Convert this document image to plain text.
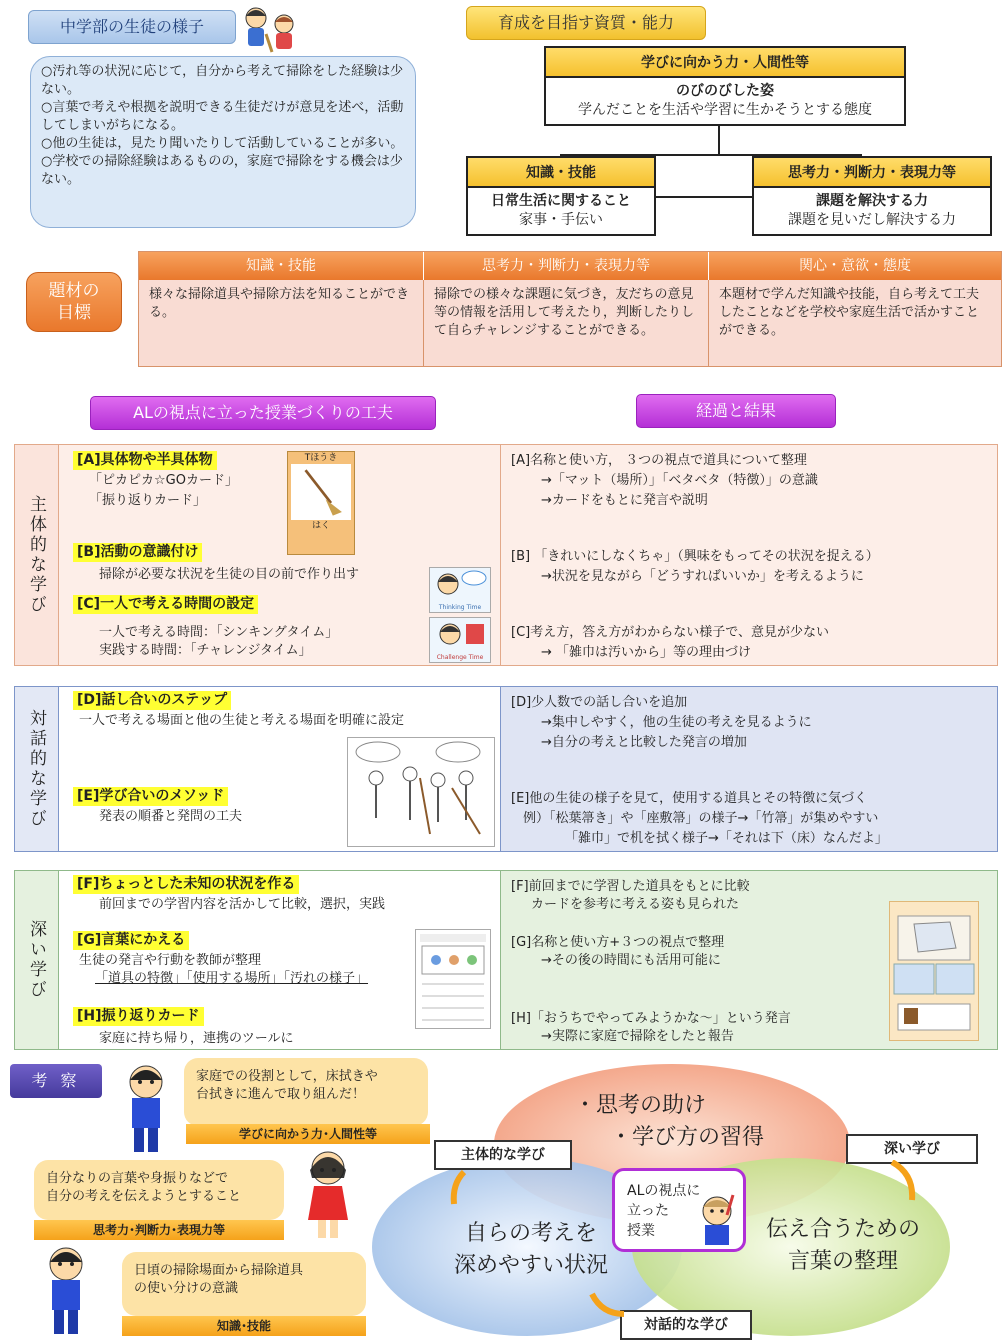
中学部の生徒の様子

○汚れ等の状況に応じて，自分から考えて掃除をした経験は少ない。

○言葉で考えや根拠を説明できる生徒だけが意見を述べ，活動してしまいがちになる。

○他の生徒は，見たり聞いたりして活動していることが多い。

○学校での掃除経験はあるものの，家庭で掃除をする機会は少ない。

育成を目指す資質・能力
学びに向かう力・人間性等
のびのびした姿
学んだことを生活や学習に生かそうとする態度
知識・技能
日常生活に関すること
家事・手伝い
思考力・判断力・表現力等
課題を解決する力
課題を見いだし解決する力
題材の
目標
知識・技能	思考力・判断力・表現力等	関心・意欲・態度
様々な掃除道具や掃除方法を知ることができる。
掃除での様々な課題に気づき，友だちの意見等の情報を活用して考えたり，判断したりして自らチャレンジすることができる。
本題材で学んだ知識や技能，自ら考えて工夫したことなどを学校や家庭生活で活かすことができる。
ALの視点に立った授業づくりの工夫	経過と結果
主体的な学び
[A]具体物や半具体物
「ピカピカ☆GOカード」
「振り返りカード」
Tほうき
はく
[B]活動の意識付け
掃除が必要な状況を生徒の目の前で作り出す
Thinking Time
[C]一人で考える時間の設定
一人で考える時間：「シンキングタイム」
実践する時間：「チャレンジタイム」	Challenge Time
[A]名称と使い方， ３つの視点で道具について整理
→「マット（場所）」「ベタベタ（特徴）」の意識
→カードをもとに発言や説明
[B] 「きれいにしなくちゃ」（興味をもってその状況を捉える）
→状況を見ながら「どうすればいいか」を考えるように
[C]考え方，答え方がわからない様子で、意見が少ない
→ 「雑巾は汚いから」等の理由づけ
対話的な学び
[D]話し合いのステップ
一人で考える場面と他の生徒と考える場面を明確に設定
[E]学び合いのメソッド
発表の順番と発問の工夫
[D]少人数での話し合いを追加
→集中しやすく，他の生徒の考えを見るように
→自分の考えと比較した発言の増加
[E]他の生徒の様子を見て，使用する道具とその特徴に気づく
例）「松葉箒き」や「座敷箒」の様子→「竹箒」が集めやすい
「雑巾」で机を拭く様子→「それは下（床）なんだよ」
深い学び
[F]ちょっとした未知の状況を作る
前回までの学習内容を活かして比較，選択，実践
[G]言葉にかえる
生徒の発言や行動を教師が整理
「道具の特徴」「使用する場所」「汚れの様子」
[H]振り返りカード
家庭に持ち帰り，連携のツールに
[F]前回までに学習した道具をもとに比較
カードを参考に考える姿も見られた
[G]名称と使い方+３つの視点で整理
→その後の時間にも活用可能に
[H]「おうちでやってみようかな～」という発言
→実際に家庭で掃除をしたと報告
考 察	家庭での役割として，床拭きや
台拭きに進んで取り組んだ！
学びに向かう力･人間性等
自分なりの言葉や身振りなどで
自分の考えを伝えようとすること
思考力･判断力･表現力等
日頃の掃除場面から掃除道具
の使い分けの意識
知識･技能
・思考の助け
・学び方の習得
自らの考えを
深めやすい状況
伝え合うための
言葉の整理
ALの視点に
立った
授業
主体的な学び	深い学び
対話的な学び
